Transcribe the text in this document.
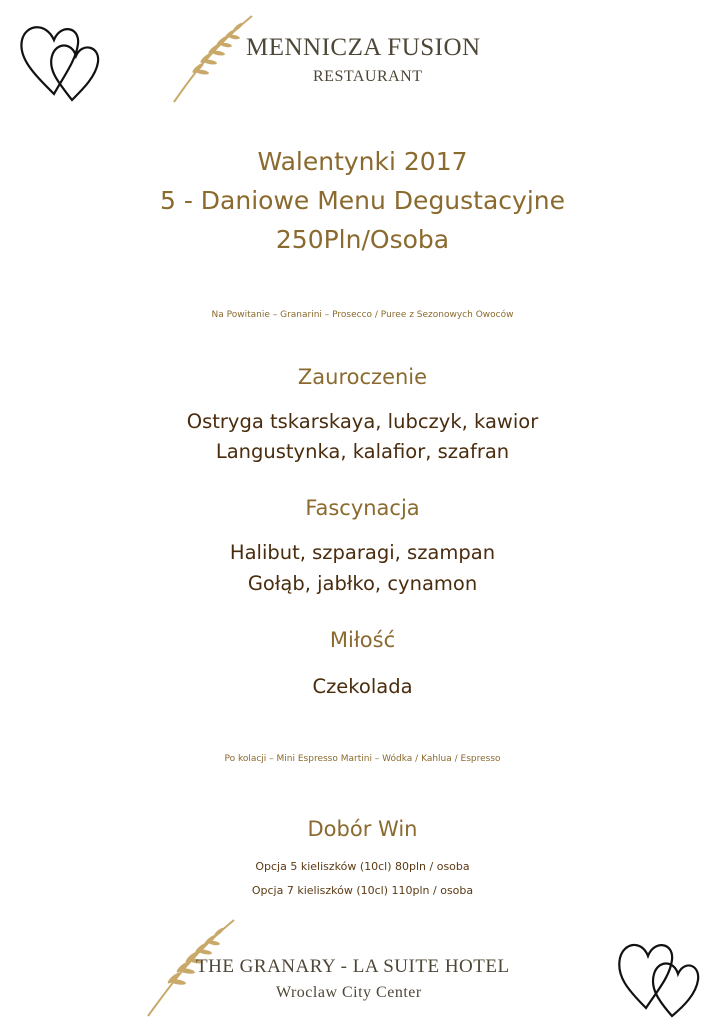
MENNICZA FUSION
RESTAURANT
Walentynki 2017
5 - Daniowe Menu Degustacyjne
250Pln/Osoba
Na Powitanie – Granarini – Prosecco / Puree z Sezonowych Owoców
Zauroczenie
Ostryga tskarskaya, lubczyk, kawior
Langustynka, kalafior, szafran
Fascynacja
Halibut, szparagi, szampan
Gołąb, jabłko, cynamon
Miłość
Czekolada
Po kolacji – Mini Espresso Martini – Wódka / Kahlua / Espresso
Dobór Win
Opcja 5 kieliszków (10cl) 80pln / osoba
Opcja 7 kieliszków (10cl) 110pln / osoba
THE GRANARY - LA SUITE HOTEL
Wroclaw City Center
